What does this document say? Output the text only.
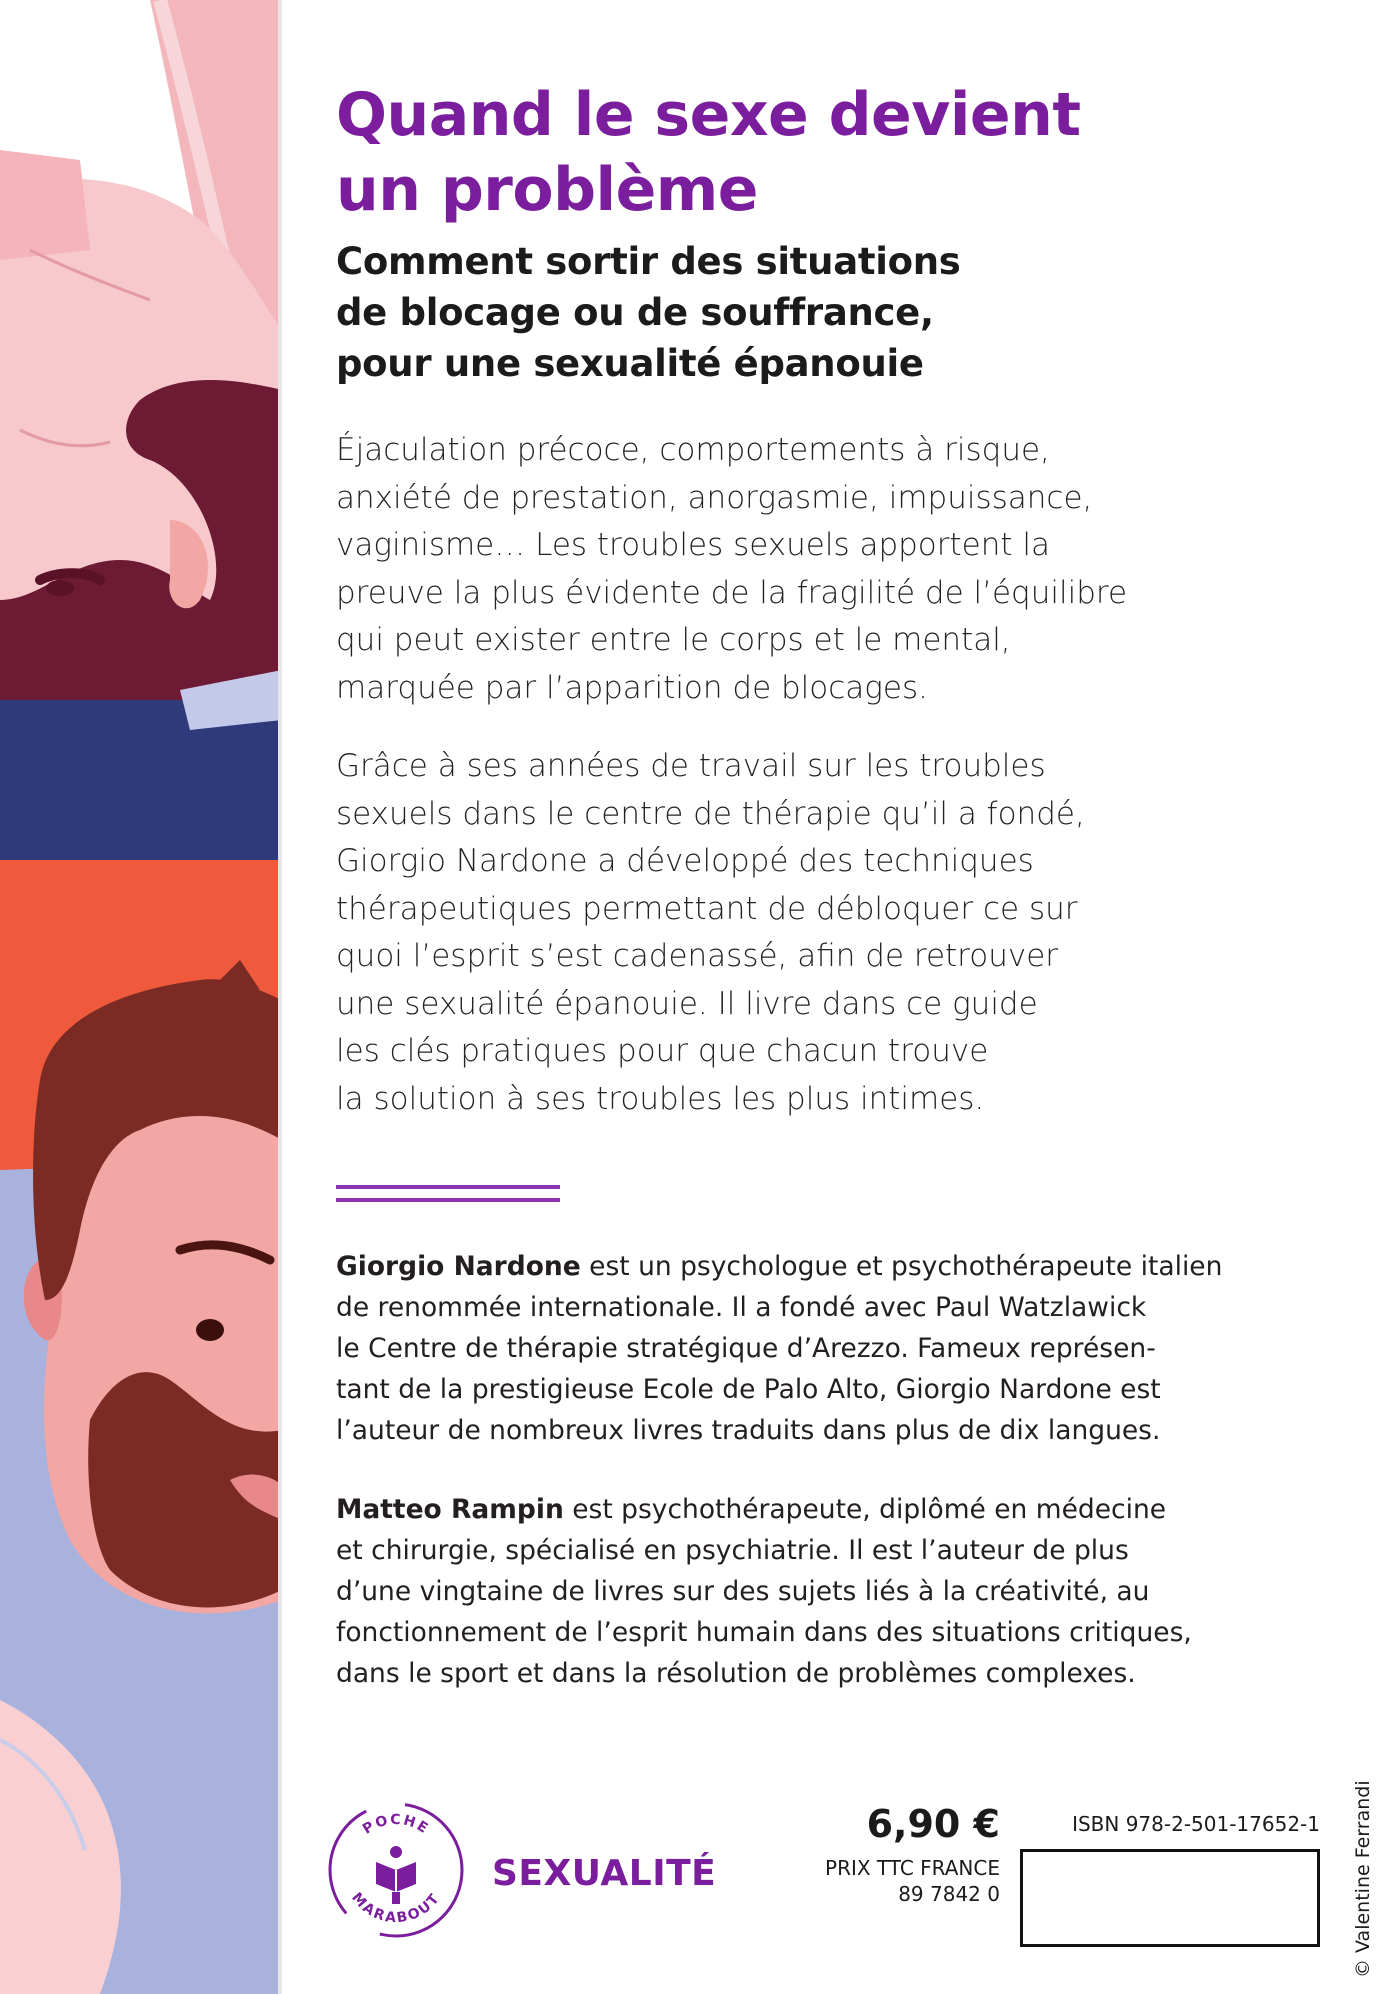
Quand le sexe devient
un problème
Comment sortir des situations
de blocage ou de souffrance,
pour une sexualité épanouie

Éjaculation précoce, comportements à risque,
anxiété de prestation, anorgasmie, impuissance,
vaginisme… Les troubles sexuels apportent la
preuve la plus évidente de la fragilité de l’équilibre
qui peut exister entre le corps et le mental,
marquée par l’apparition de blocages.

Grâce à ses années de travail sur les troubles
sexuels dans le centre de thérapie qu’il a fondé,
Giorgio Nardone a développé des techniques
thérapeutiques permettant de débloquer ce sur
quoi l’esprit s’est cadenassé, afin de retrouver
une sexualité épanouie. Il livre dans ce guide
les clés pratiques pour que chacun trouve
la solution à ses troubles les plus intimes.

Giorgio Nardone est un psychologue et psychothérapeute italien
de renommée internationale. Il a fondé avec Paul Watzlawick
le Centre de thérapie stratégique d’Arezzo. Fameux représen-
tant de la prestigieuse Ecole de Palo Alto, Giorgio Nardone est
l’auteur de nombreux livres traduits dans plus de dix langues.

Matteo Rampin est psychothérapeute, diplômé en médecine
et chirurgie, spécialisé en psychiatrie. Il est l’auteur de plus
d’une vingtaine de livres sur des sujets liés à la créativité, au
fonctionnement de l’esprit humain dans des situations critiques,
dans le sport et dans la résolution de problèmes complexes.

POCHE
MARABOUT
SEXUALITÉ
6,90 €
PRIX TTC FRANCE
89 7842 0
ISBN 978-2-501-17652-1 © Valentine Ferrandi
